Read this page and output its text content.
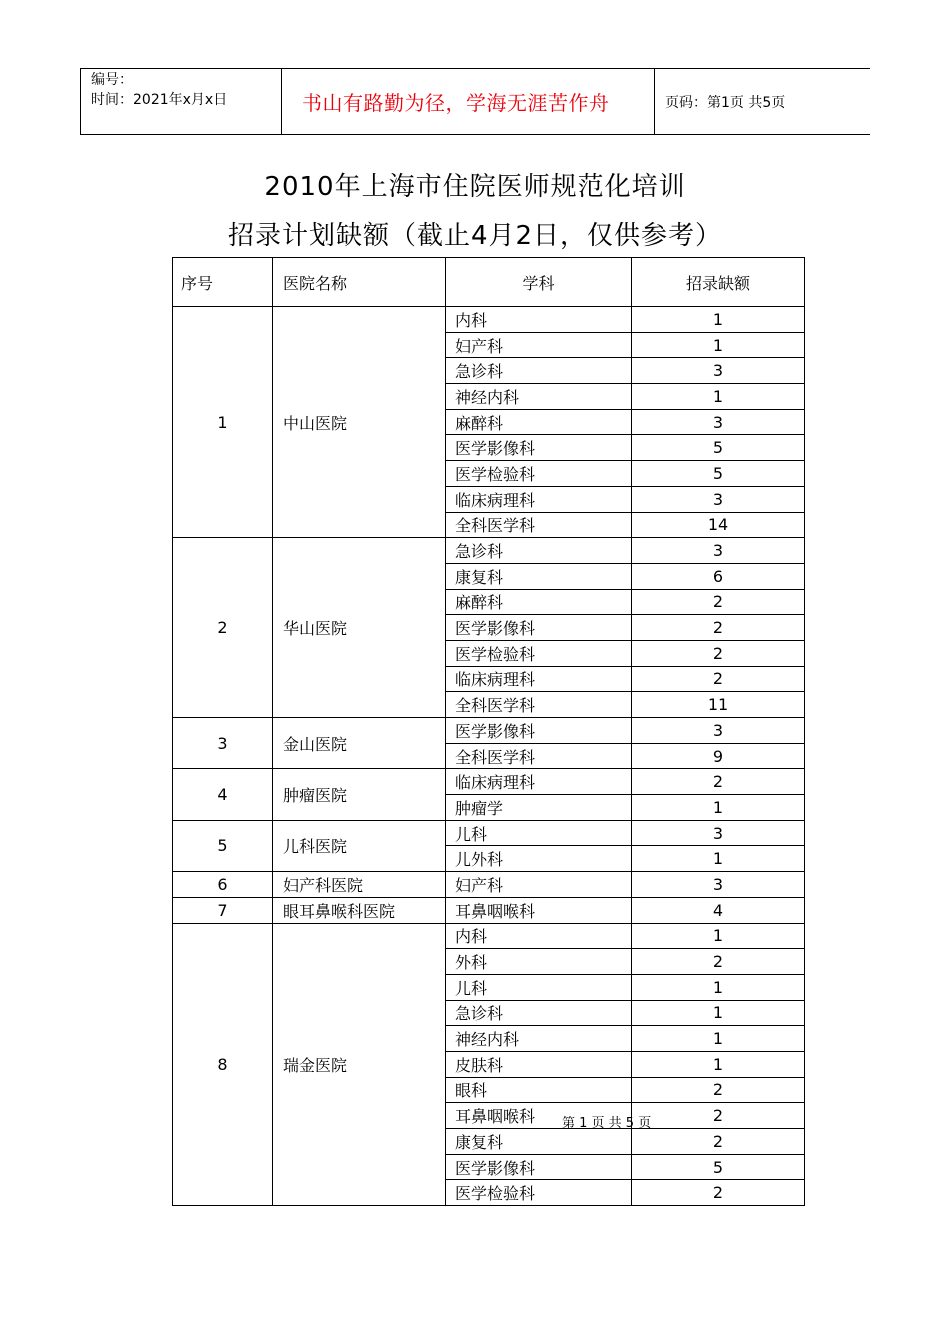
编号：
时间：2021年x月x日	书山有路勤为径，学海无涯苦作舟	页码：第1页 共5页
2010年上海市住院医师规范化培训
招录计划缺额（截止4月2日，仅供参考）
序号	医院名称	学科	招录缺额
1	中山医院	内科	1
		妇产科	1
		急诊科	3
		神经内科	1
		麻醉科	3
		医学影像科	5
		医学检验科	5
		临床病理科	3
		全科医学科	14
2	华山医院	急诊科	3
		康复科	6
		麻醉科	2
		医学影像科	2
		医学检验科	2
		临床病理科	2
		全科医学科	11
3	金山医院	医学影像科	3
		全科医学科	9
4	肿瘤医院	临床病理科	2
		肿瘤学	1
5	儿科医院	儿科	3
		儿外科	1
6	妇产科医院	妇产科	3
7	眼耳鼻喉科医院	耳鼻咽喉科	4
8	瑞金医院	内科	1
		外科	2
		儿科	1
		急诊科	1
		神经内科	1
		皮肤科	1
		眼科	2
		耳鼻咽喉科	2
		康复科	2
		医学影像科	5
		医学检验科	2
第 1 页 共 5 页
